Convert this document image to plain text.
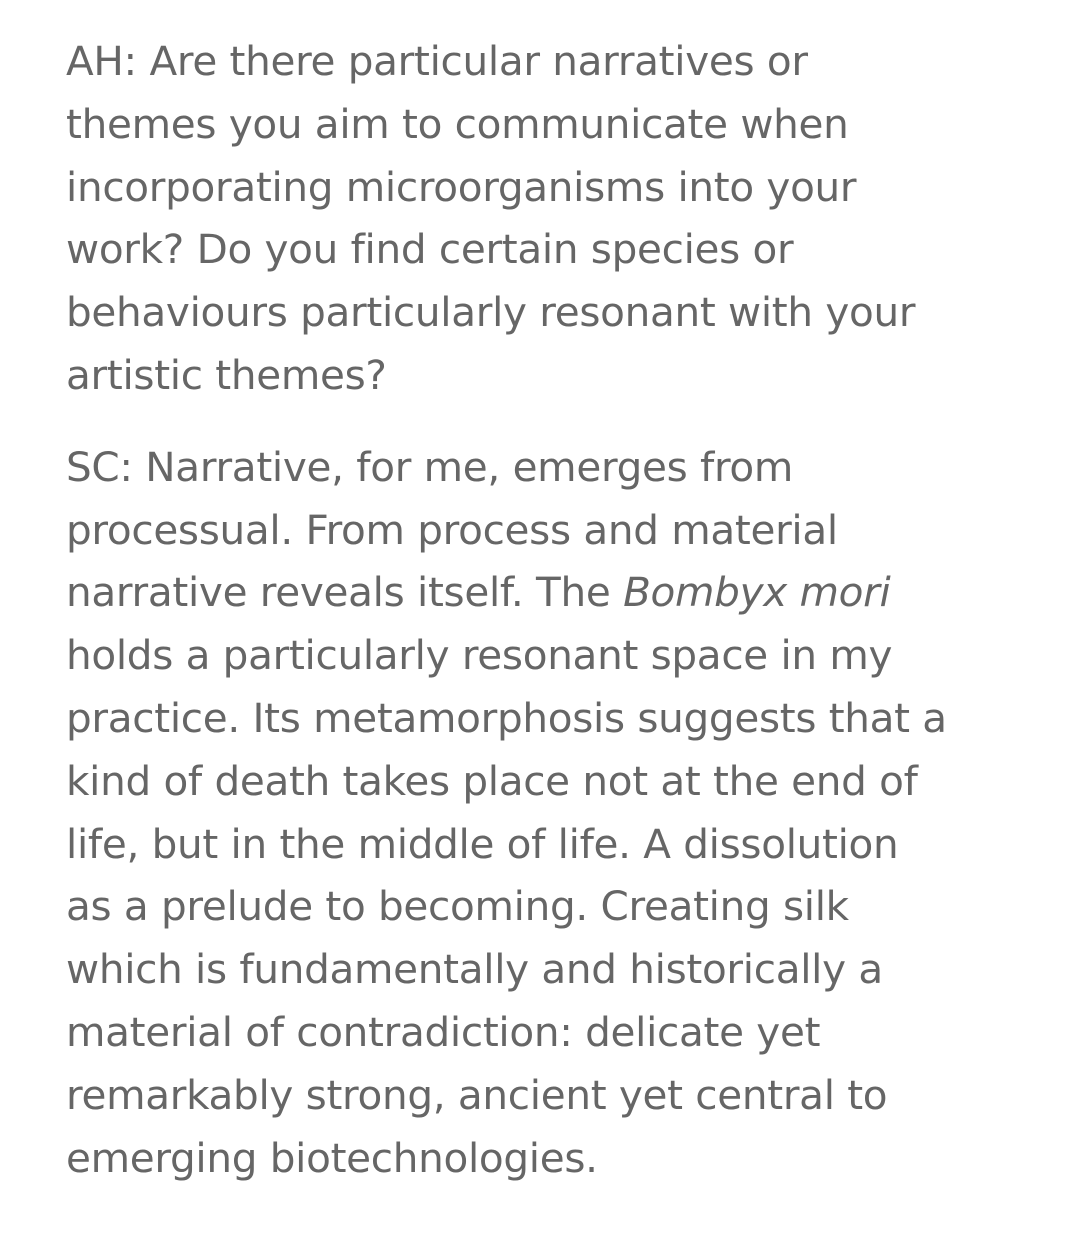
AH: Are there particular narratives or
themes you aim to communicate when
incorporating microorganisms into your
work? Do you find certain species or
behaviours particularly resonant with your
artistic themes?

SC: Narrative, for me, emerges from
processual. From process and material
narrative reveals itself. The Bombyx mori
holds a particularly resonant space in my
practice. Its metamorphosis suggests that a
kind of death takes place not at the end of
life, but in the middle of life. A dissolution
as a prelude to becoming. Creating silk
which is fundamentally and historically a
material of contradiction: delicate yet
remarkably strong, ancient yet central to
emerging biotechnologies.
